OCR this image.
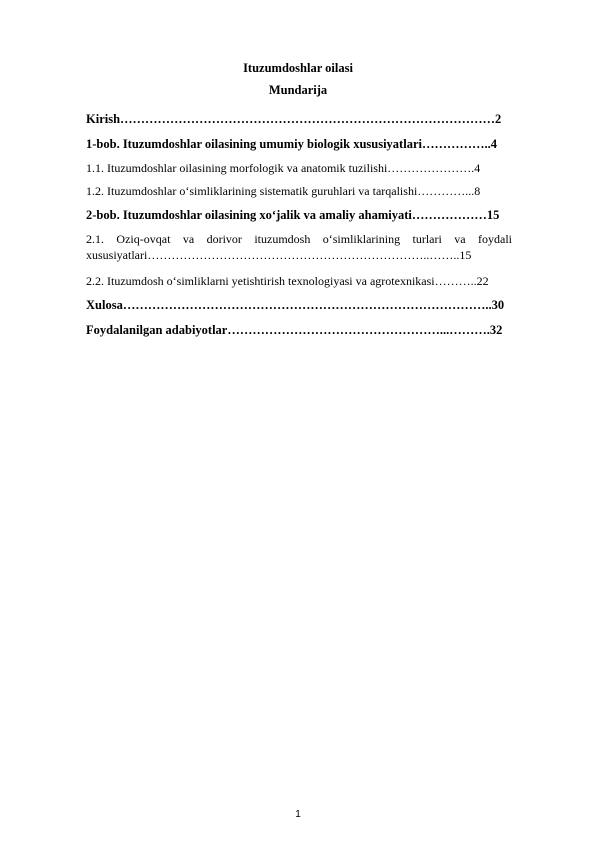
Ituzumdoshlar oilasi
Mundarija
Kirish………………………………………………………………………………2
1-bob. Ituzumdoshlar oilasining umumiy biologik xususiyatlari……………..4
1.1. Ituzumdoshlar oilasining morfologik va anatomik tuzilishi………………….4
1.2. Ituzumdoshlar o‘simliklarining sistematik guruhlari va tarqalishi…………...8
2-bob. Ituzumdoshlar oilasining xo‘jalik va amaliy ahamiyati………………15
2.1. Oziq-ovqat va dorivor ituzumdosh o‘simliklarining turlari va foydali
xususiyatlari……………………………………………………………..……..15
2.2. Ituzumdosh o‘simliklarni yetishtirish texnologiyasi va agrotexnikasi………..22
Xulosa……………………………………………………………………………..30
Foydalanilgan adabiyotlar……………………………………………...……….32
1
